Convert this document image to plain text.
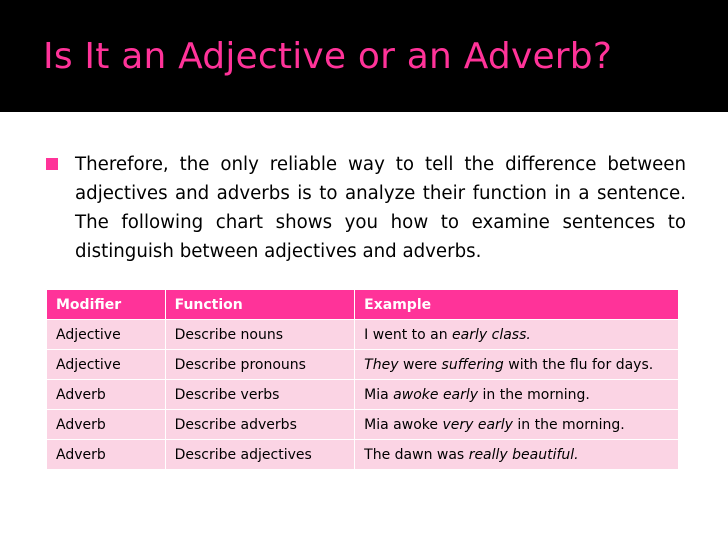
Is It an Adjective or an Adverb?
Therefore, the only reliable way to tell the difference between adjectives and adverbs is to analyze their function in a sentence. The following chart shows you how to examine sentences to distinguish between adjectives and adverbs.
Modifier	Function	Example
Adjective	Describe nouns	I went to an early class.
Adjective	Describe pronouns	They were suffering with the flu for days.
Adverb	Describe verbs	Mia awoke early in the morning.
Adverb	Describe adverbs	Mia awoke very early in the morning.
Adverb	Describe adjectives	The dawn was really beautiful.
